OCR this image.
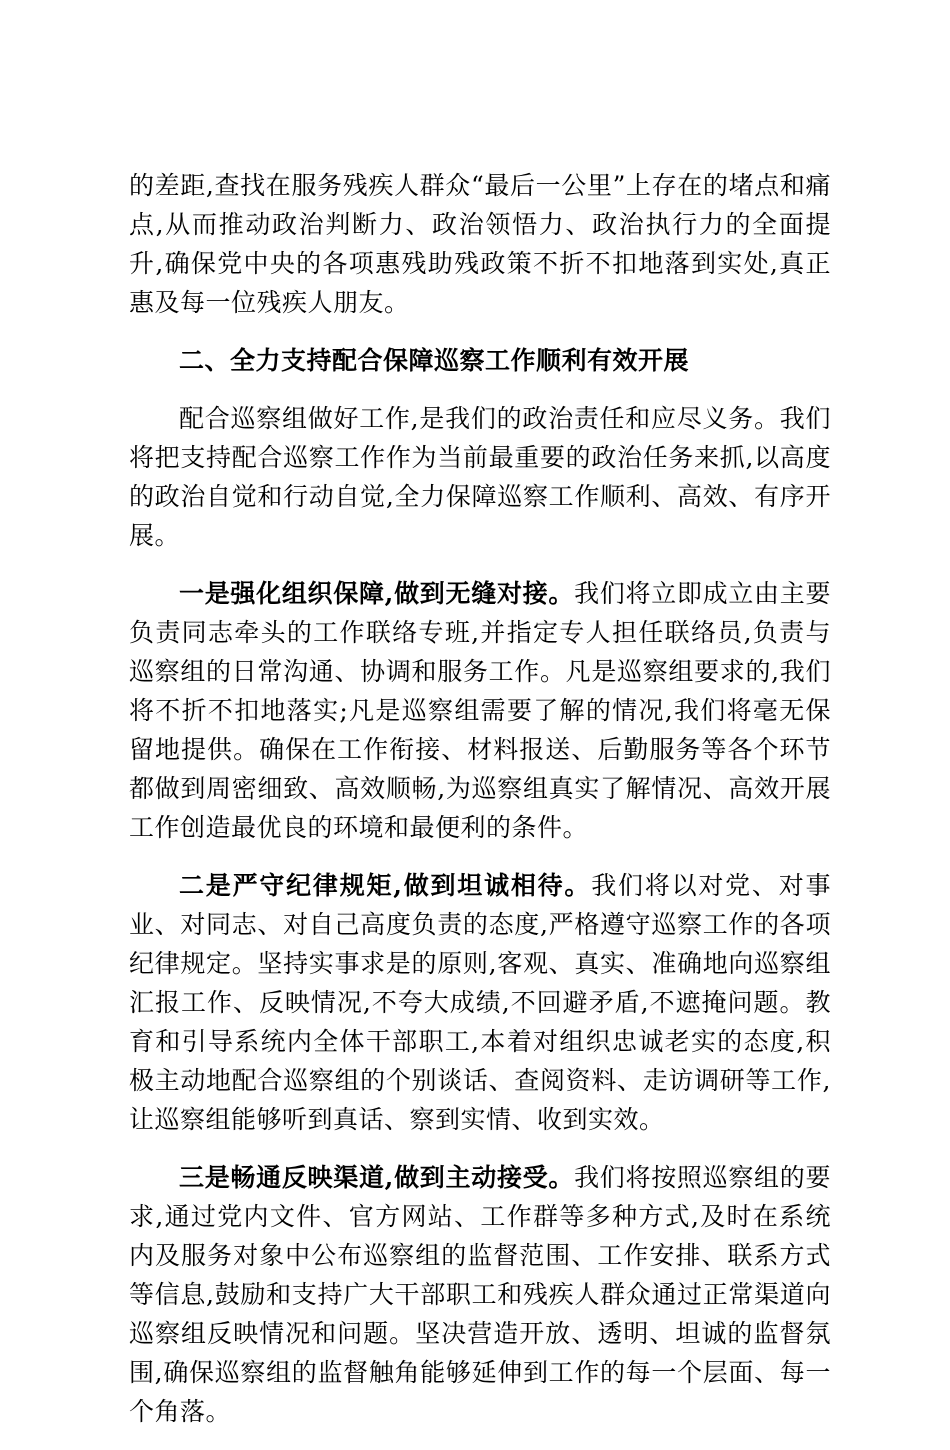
的差距,查找在服务残疾人群众“最后一公里”上存在的堵点和痛点,从而推动政治判断力、政治领悟力、政治执行力的全面提升,确保党中央的各项惠残助残政策不折不扣地落到实处,真正惠及每一位残疾人朋友。

二、全力支持配合保障巡察工作顺利有效开展

配合巡察组做好工作,是我们的政治责任和应尽义务。我们将把支持配合巡察工作作为当前最重要的政治任务来抓,以高度的政治自觉和行动自觉,全力保障巡察工作顺利、高效、有序开展。

一是强化组织保障,做到无缝对接。我们将立即成立由主要负责同志牵头的工作联络专班,并指定专人担任联络员,负责与巡察组的日常沟通、协调和服务工作。凡是巡察组要求的,我们将不折不扣地落实;凡是巡察组需要了解的情况,我们将毫无保留地提供。确保在工作衔接、材料报送、后勤服务等各个环节都做到周密细致、高效顺畅,为巡察组真实了解情况、高效开展工作创造最优良的环境和最便利的条件。

二是严守纪律规矩,做到坦诚相待。我们将以对党、对事业、对同志、对自己高度负责的态度,严格遵守巡察工作的各项纪律规定。坚持实事求是的原则,客观、真实、准确地向巡察组汇报工作、反映情况,不夸大成绩,不回避矛盾,不遮掩问题。教育和引导系统内全体干部职工,本着对组织忠诚老实的态度,积极主动地配合巡察组的个别谈话、查阅资料、走访调研等工作,让巡察组能够听到真话、察到实情、收到实效。

三是畅通反映渠道,做到主动接受。我们将按照巡察组的要求,通过党内文件、官方网站、工作群等多种方式,及时在系统内及服务对象中公布巡察组的监督范围、工作安排、联系方式等信息,鼓励和支持广大干部职工和残疾人群众通过正常渠道向巡察组反映情况和问题。坚决营造开放、透明、坦诚的监督氛围,确保巡察组的监督触角能够延伸到工作的每一个层面、每一个角落。
